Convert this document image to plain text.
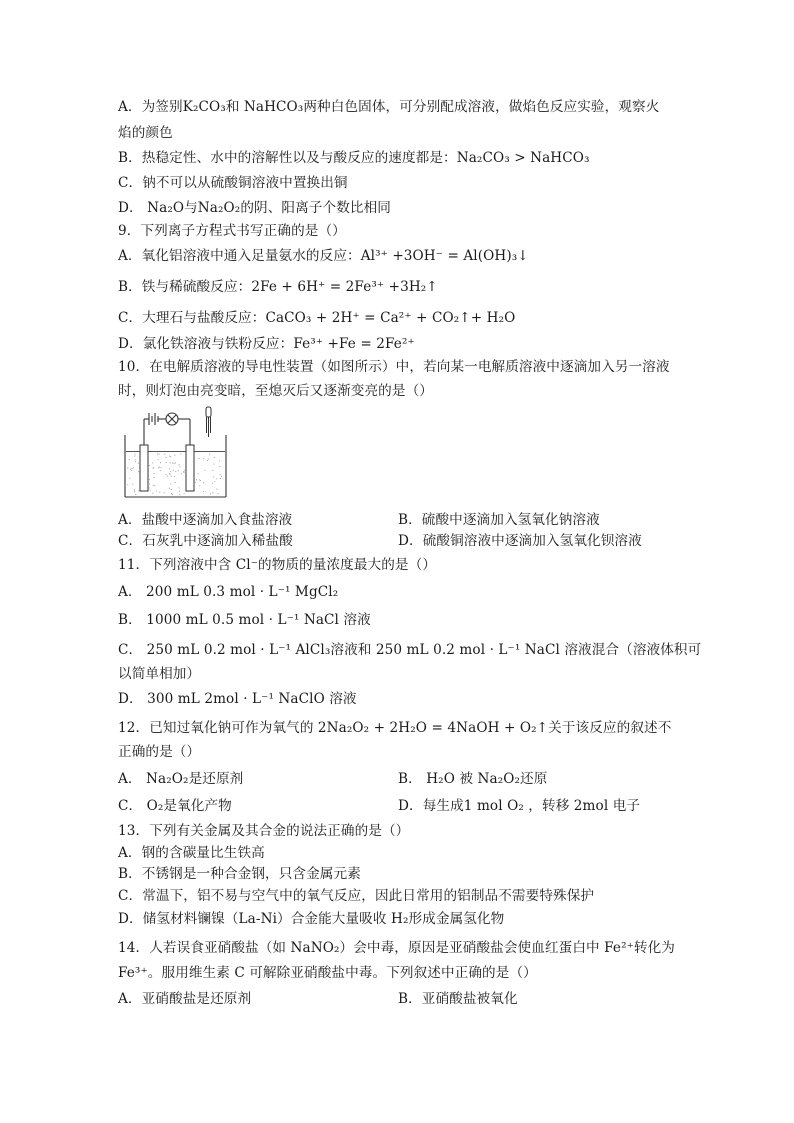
A．为签别K₂CO₃和 NaHCO₃两种白色固体，可分别配成溶液，做焰色反应实验，观察火
焰的颜色
B．热稳定性、水中的溶解性以及与酸反应的速度都是：Na₂CO₃ > NaHCO₃
C．钠不可以从硫酸铜溶液中置换出铜
D． Na₂O与Na₂O₂的阴、阳离子个数比相同
9．下列离子方程式书写正确的是（）
A．氧化铝溶液中通入足量氨水的反应：Al³⁺ +3OH⁻ = Al(OH)₃↓
B．铁与稀硫酸反应：2Fe + 6H⁺ = 2Fe³⁺ +3H₂↑
C．大理石与盐酸反应：CaCO₃ + 2H⁺ = Ca²⁺ + CO₂↑+ H₂O
D．氯化铁溶液与铁粉反应：Fe³⁺ +Fe = 2Fe²⁺
10．在电解质溶液的导电性装置（如图所示）中，若向某一电解质溶液中逐滴加入另一溶液
时，则灯泡由亮变暗，至熄灭后又逐渐变亮的是（）
A．盐酸中逐滴加入食盐溶液	B．硫酸中逐滴加入氢氧化钠溶液
C．石灰乳中逐滴加入稀盐酸	D．硫酸铜溶液中逐滴加入氢氧化钡溶液
11．下列溶液中含 Cl⁻的物质的量浓度最大的是（）
A． 200 mL 0.3 mol · L⁻¹ MgCl₂
B． 1000 mL 0.5 mol · L⁻¹ NaCl 溶液
C． 250 mL 0.2 mol · L⁻¹ AlCl₃溶液和 250 mL 0.2 mol · L⁻¹ NaCl 溶液混合（溶液体积可
以简单相加）
D． 300 mL 2mol · L⁻¹ NaClO 溶液
12．已知过氧化钠可作为氧气的 2Na₂O₂ + 2H₂O = 4NaOH + O₂↑关于该反应的叙述不
正确的是（）
A． Na₂O₂是还原剂	B． H₂O 被 Na₂O₂还原
C． O₂是氧化产物	D．每生成1 mol O₂ ，转移 2mol 电子
13．下列有关金属及其合金的说法正确的是（）
A．钢的含碳量比生铁高
B．不锈钢是一种合金钢，只含金属元素
C．常温下，铝不易与空气中的氧气反应，因此日常用的铝制品不需要特殊保护
D．储氢材料镧镍（La-Ni）合金能大量吸收 H₂形成金属氢化物
14．人若误食亚硝酸盐（如 NaNO₂）会中毒，原因是亚硝酸盐会使血红蛋白中 Fe²⁺转化为
Fe³⁺。服用维生素 C 可解除亚硝酸盐中毒。下列叙述中正确的是（）
A．亚硝酸盐是还原剂	B．亚硝酸盐被氧化
